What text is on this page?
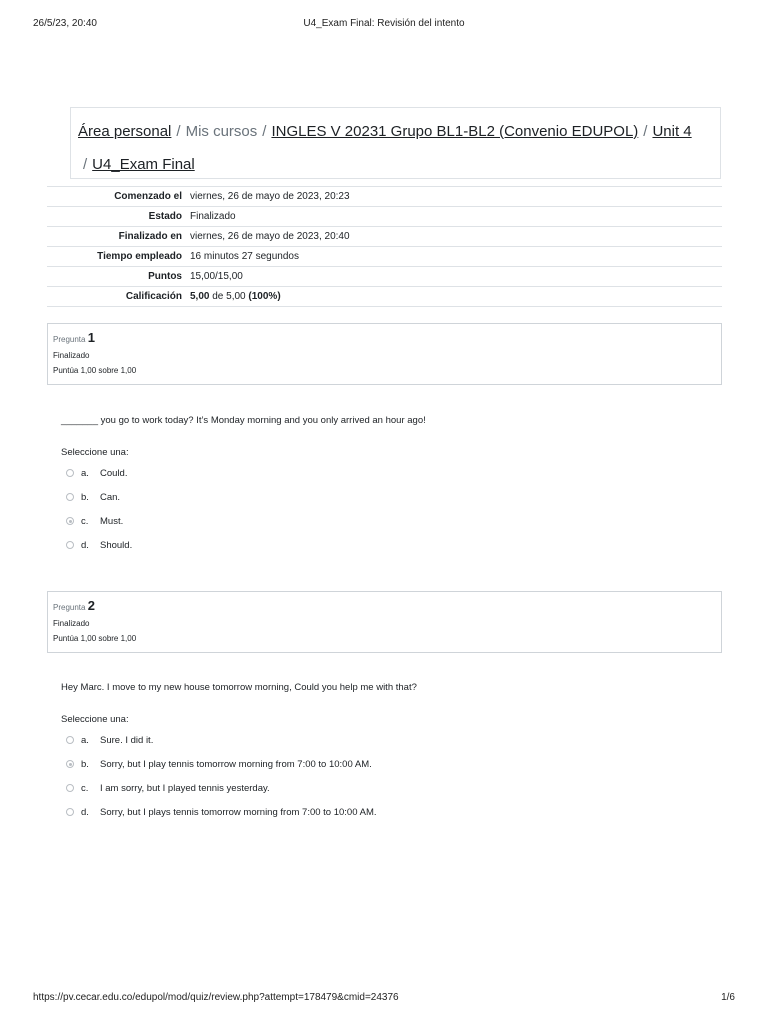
26/5/23, 20:40	U4_Exam Final: Revisión del intento
Área personal / Mis cursos / INGLES V 20231 Grupo BL1-BL2 (Convenio EDUPOL) / Unit 4
/ U4_Exam Final
Comenzado el	viernes, 26 de mayo de 2023, 20:23
Estado	Finalizado
Finalizado en	viernes, 26 de mayo de 2023, 20:40
Tiempo empleado	16 minutos 27 segundos
Puntos	15,00/15,00
Calificación	5,00 de 5,00 (100%)
Pregunta 1
Finalizado
Puntúa 1,00 sobre 1,00
_______ you go to work today? It’s Monday morning and you only arrived an hour ago!
Seleccione una:
a.	Could.
b.	Can.
c.	Must.
d.	Should.
Pregunta 2
Finalizado
Puntúa 1,00 sobre 1,00
Hey Marc. I move to my new house tomorrow morning, Could you help me with that?
Seleccione una:
a.	Sure. I did it.
b.	Sorry, but I play tennis tomorrow morning from 7:00 to 10:00 AM.
c.	I am sorry, but I played tennis yesterday.
d.	Sorry, but I plays tennis tomorrow morning from 7:00 to 10:00 AM.
https://pv.cecar.edu.co/edupol/mod/quiz/review.php?attempt=178479&cmid=24376	1/6
